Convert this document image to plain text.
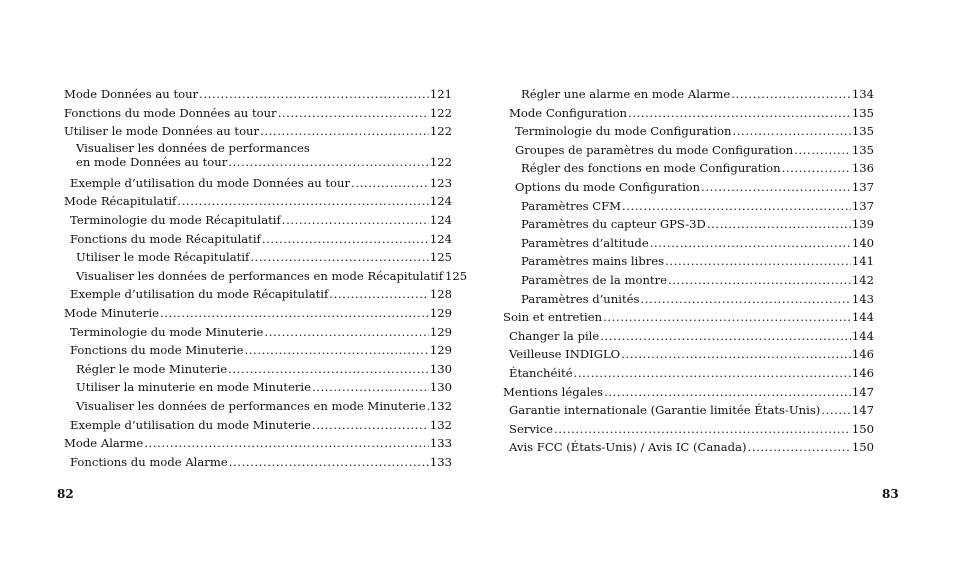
Mode Données au tour .....	121
Fonctions du mode Données au tour .....	122
Utiliser le mode Données au tour .....	122
Visualiser les données de performances
en mode Données au tour .....	122
Exemple d’utilisation du mode Données au tour .....	123
Mode Récapitulatif .....	124
Terminologie du mode Récapitulatif .....	124
Fonctions du mode Récapitulatif .....	124
Utiliser le mode Récapitulatif .....	125
Visualiser les données de performances en mode Récapitulatif 125
Exemple d’utilisation du mode Récapitulatif .....	128
Mode Minuterie .....	129
Terminologie du mode Minuterie .....	129
Fonctions du mode Minuterie .....	129
Régler le mode Minuterie .....	130
Utiliser la minuterie en mode Minuterie .....	130
Visualiser les données de performances en mode Minuterie ..... 132
Exemple d’utilisation du mode Minuterie .....	132
Mode Alarme .....	133
Fonctions du mode Alarme .....	133
82
Régler une alarme en mode Alarme .....	134
Mode Configuration .....	135
Terminologie du mode Configuration .....	135
Groupes de paramètres du mode Configuration .....	135
Régler des fonctions en mode Configuration .....	136
Options du mode Configuration .....	137
Paramètres CFM .....	137
Paramètres du capteur GPS-3D .....	139
Paramètres d’altitude .....	140
Paramètres mains libres .....	141
Paramètres de la montre .....	142
Paramètres d’unités .....	143
Soin et entretien .....	144
Changer la pile .....	144
Veilleuse INDIGLO .....	146
Étanchéité .....	146
Mentions légales .....	147
Garantie internationale (Garantie limitée États-Unis) .....	147
Service .....	150
Avis FCC (États-Unis) / Avis IC (Canada) .....	150
83
